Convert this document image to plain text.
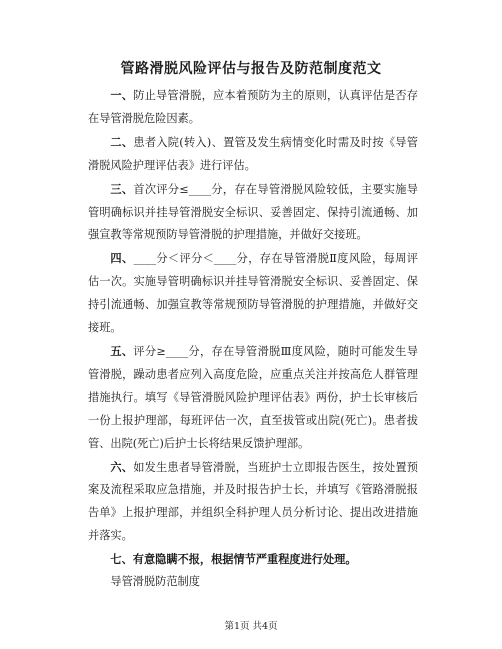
管路滑脱风险评估与报告及防范制度范文

一、防止导管滑脱，应本着预防为主的原则，认真评估是否存在导管滑脱危险因素。

二、患者入院(转入)、置管及发生病情变化时需及时按《导管滑脱风险护理评估表》进行评估。

三、首次评分≤____分，存在导管滑脱风险较低，主要实施导管明确标识并挂导管滑脱安全标识、妥善固定、保持引流通畅、加强宣教等常规预防导管滑脱的护理措施，并做好交接班。

四、____分＜评分＜____分，存在导管滑脱Ⅱ度风险，每周评估一次。实施导管明确标识并挂导管滑脱安全标识、妥善固定、保持引流通畅、加强宣教等常规预防导管滑脱的护理措施，并做好交接班。

五、评分≥____分，存在导管滑脱Ⅲ度风险，随时可能发生导管滑脱，躁动患者应列入高度危险，应重点关注并按高危人群管理措施执行。填写《导管滑脱风险护理评估表》两份，护士长审核后一份上报护理部，每班评估一次，直至拔管或出院(死亡)。患者拔管、出院(死亡)后护士长将结果反馈护理部。

六、如发生患者导管滑脱，当班护士立即报告医生，按处置预案及流程采取应急措施，并及时报告护士长，并填写《管路滑脱报告单》上报护理部，并组织全科护理人员分析讨论、提出改进措施并落实。

七、有意隐瞒不报，根据情节严重程度进行处理。

导管滑脱防范制度

第1页 共4页
